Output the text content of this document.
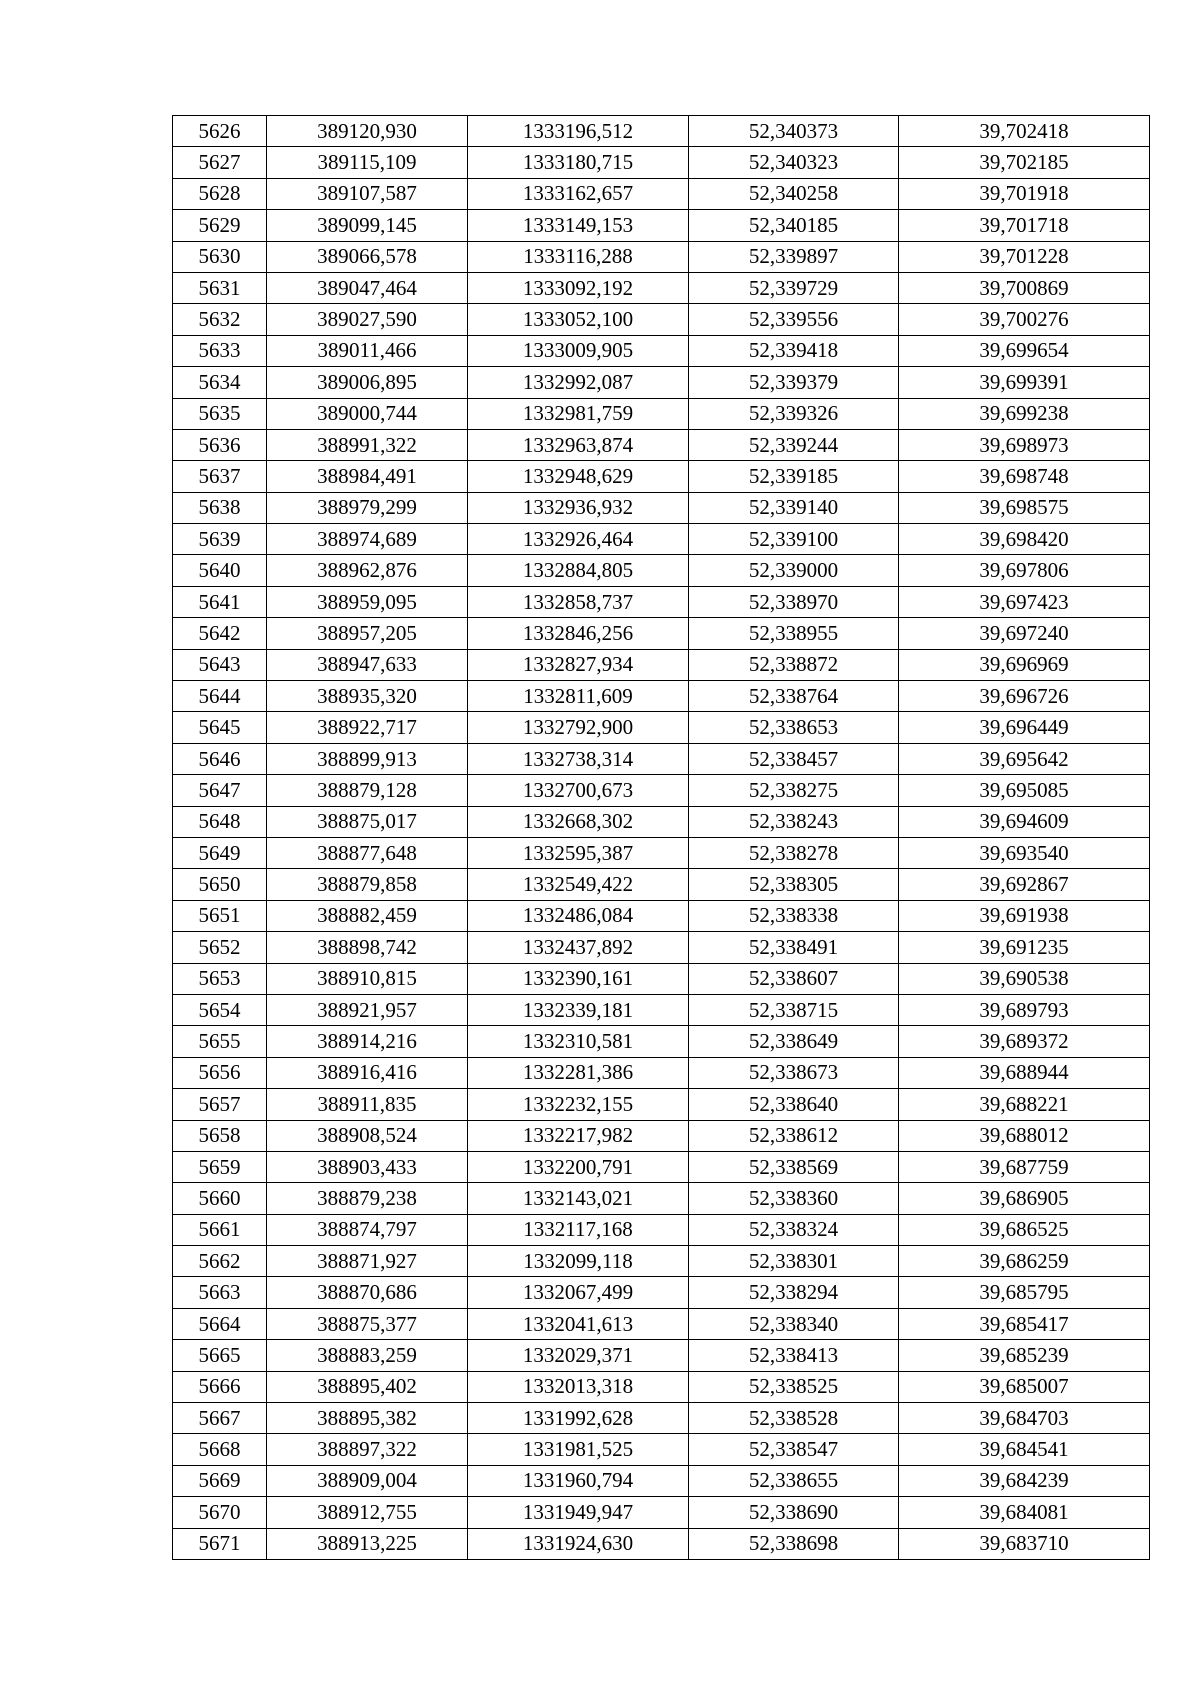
5626	389120,930	1333196,512	52,340373	39,702418
5627	389115,109	1333180,715	52,340323	39,702185
5628	389107,587	1333162,657	52,340258	39,701918
5629	389099,145	1333149,153	52,340185	39,701718
5630	389066,578	1333116,288	52,339897	39,701228
5631	389047,464	1333092,192	52,339729	39,700869
5632	389027,590	1333052,100	52,339556	39,700276
5633	389011,466	1333009,905	52,339418	39,699654
5634	389006,895	1332992,087	52,339379	39,699391
5635	389000,744	1332981,759	52,339326	39,699238
5636	388991,322	1332963,874	52,339244	39,698973
5637	388984,491	1332948,629	52,339185	39,698748
5638	388979,299	1332936,932	52,339140	39,698575
5639	388974,689	1332926,464	52,339100	39,698420
5640	388962,876	1332884,805	52,339000	39,697806
5641	388959,095	1332858,737	52,338970	39,697423
5642	388957,205	1332846,256	52,338955	39,697240
5643	388947,633	1332827,934	52,338872	39,696969
5644	388935,320	1332811,609	52,338764	39,696726
5645	388922,717	1332792,900	52,338653	39,696449
5646	388899,913	1332738,314	52,338457	39,695642
5647	388879,128	1332700,673	52,338275	39,695085
5648	388875,017	1332668,302	52,338243	39,694609
5649	388877,648	1332595,387	52,338278	39,693540
5650	388879,858	1332549,422	52,338305	39,692867
5651	388882,459	1332486,084	52,338338	39,691938
5652	388898,742	1332437,892	52,338491	39,691235
5653	388910,815	1332390,161	52,338607	39,690538
5654	388921,957	1332339,181	52,338715	39,689793
5655	388914,216	1332310,581	52,338649	39,689372
5656	388916,416	1332281,386	52,338673	39,688944
5657	388911,835	1332232,155	52,338640	39,688221
5658	388908,524	1332217,982	52,338612	39,688012
5659	388903,433	1332200,791	52,338569	39,687759
5660	388879,238	1332143,021	52,338360	39,686905
5661	388874,797	1332117,168	52,338324	39,686525
5662	388871,927	1332099,118	52,338301	39,686259
5663	388870,686	1332067,499	52,338294	39,685795
5664	388875,377	1332041,613	52,338340	39,685417
5665	388883,259	1332029,371	52,338413	39,685239
5666	388895,402	1332013,318	52,338525	39,685007
5667	388895,382	1331992,628	52,338528	39,684703
5668	388897,322	1331981,525	52,338547	39,684541
5669	388909,004	1331960,794	52,338655	39,684239
5670	388912,755	1331949,947	52,338690	39,684081
5671	388913,225	1331924,630	52,338698	39,683710
